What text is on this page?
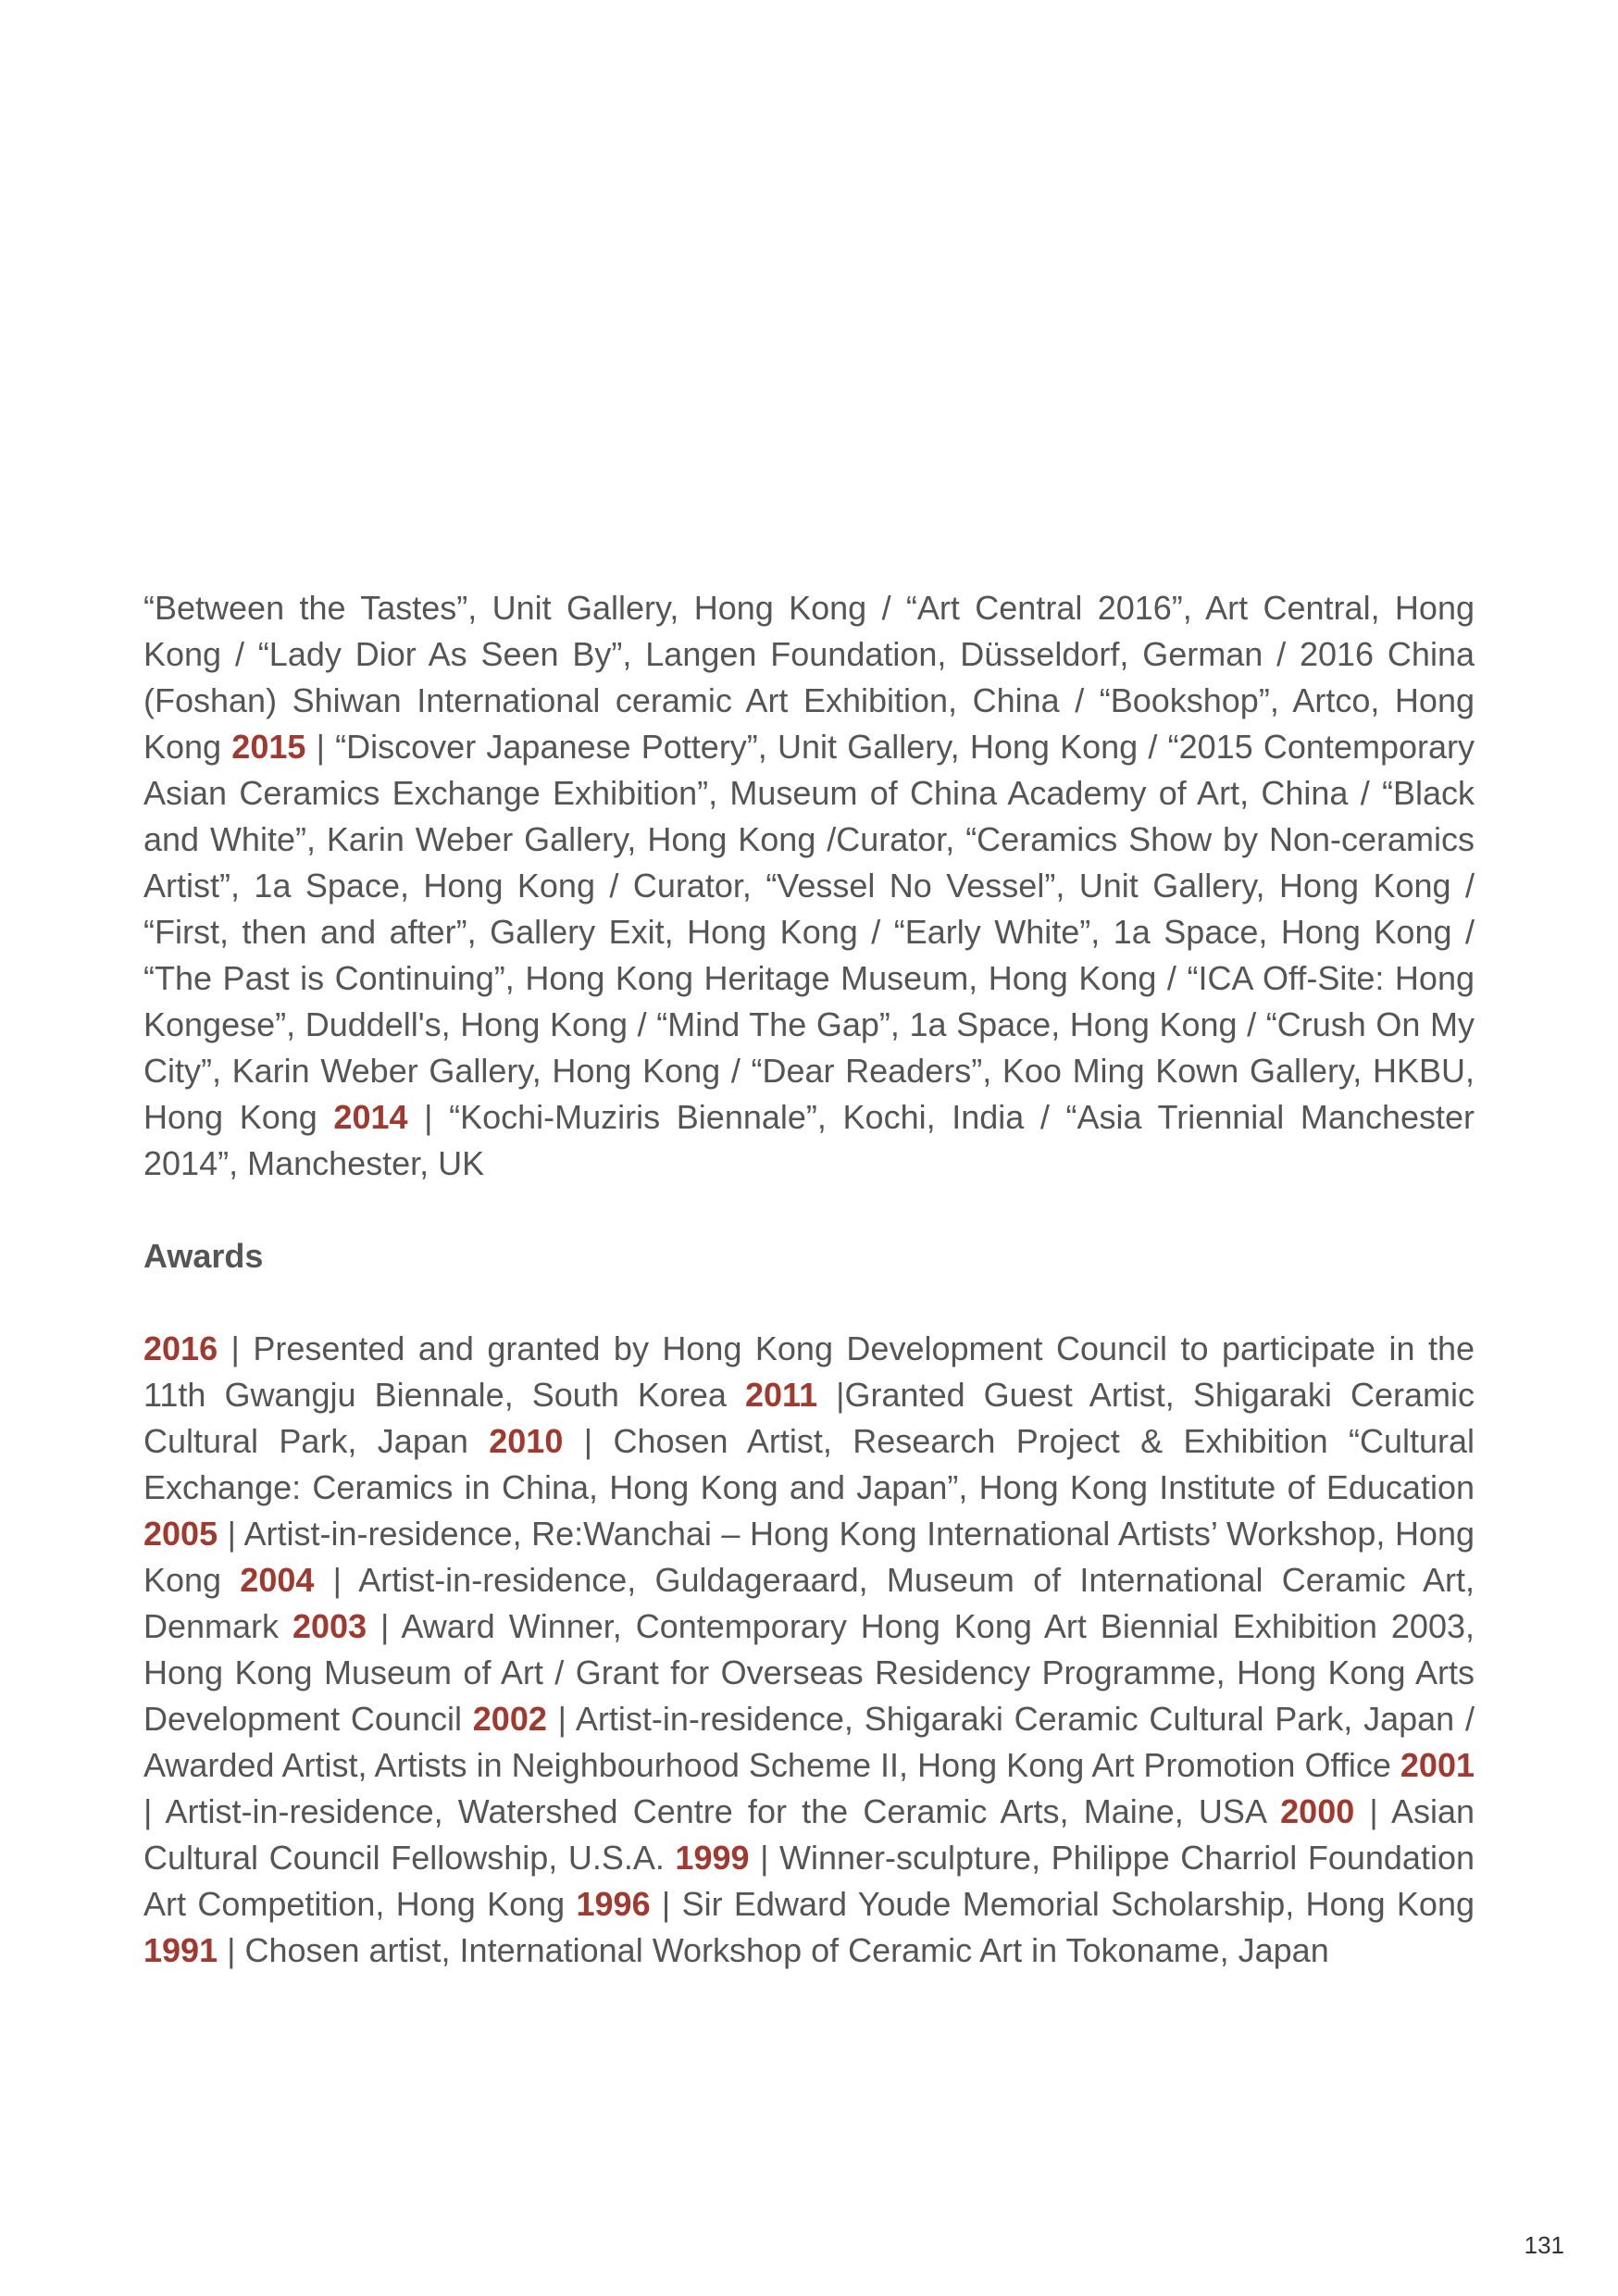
“Between the Tastes”, Unit Gallery, Hong Kong / “Art Central 2016”, Art Central, Hong Kong / “Lady Dior As Seen By”, Langen Foundation, Düsseldorf, German / 2016 China (Foshan) Shiwan International ceramic Art Exhibition, China / “Bookshop”, Artco, Hong Kong 2015 | “Discover Japanese Pottery”, Unit Gallery, Hong Kong / “2015 Contemporary Asian Ceramics Exchange Exhibition”, Museum of China Academy of Art, China / “Black and White”, Karin Weber Gallery, Hong Kong /Curator, “Ceramics Show by Non-ceramics Artist”, 1a Space, Hong Kong / Curator, “Vessel No Vessel”, Unit Gallery, Hong Kong / “First, then and after”, Gallery Exit, Hong Kong / “Early White”, 1a Space, Hong Kong / “The Past is Continuing”, Hong Kong Heritage Museum, Hong Kong / “ICA Off-Site: Hong Kongese”, Duddell's, Hong Kong / “Mind The Gap”, 1a Space, Hong Kong / “Crush On My City”, Karin Weber Gallery, Hong Kong / “Dear Readers”, Koo Ming Kown Gallery, HKBU, Hong Kong 2014 | “Kochi-Muziris Biennale”, Kochi, India / “Asia Triennial Manchester 2014”, Manchester, UK

Awards

2016 | Presented and granted by Hong Kong Development Council to participate in the 11th Gwangju Biennale, South Korea 2011 |Granted Guest Artist, Shigaraki Ceramic Cultural Park, Japan 2010 | Chosen Artist, Research Project & Exhibition “Cultural Exchange: Ceramics in China, Hong Kong and Japan”, Hong Kong Institute of Education 2005 | Artist-in-residence, Re:Wanchai – Hong Kong International Artists’ Workshop, Hong Kong 2004 | Artist-in-residence, Guldageraard, Museum of International Ceramic Art, Denmark 2003 | Award Winner, Contemporary Hong Kong Art Biennial Exhibition 2003, Hong Kong Museum of Art / Grant for Overseas Residency Programme, Hong Kong Arts Development Council 2002 | Artist-in-residence, Shigaraki Ceramic Cultural Park, Japan / Awarded Artist, Artists in Neighbourhood Scheme II, Hong Kong Art Promotion Office 2001 | Artist-in-residence, Watershed Centre for the Ceramic Arts, Maine, USA 2000 | Asian Cultural Council Fellowship, U.S.A. 1999 | Winner-sculpture, Philippe Charriol Foundation Art Competition, Hong Kong 1996 | Sir Edward Youde Memorial Scholarship, Hong Kong 1991 | Chosen artist, International Workshop of Ceramic Art in Tokoname, Japan

131
